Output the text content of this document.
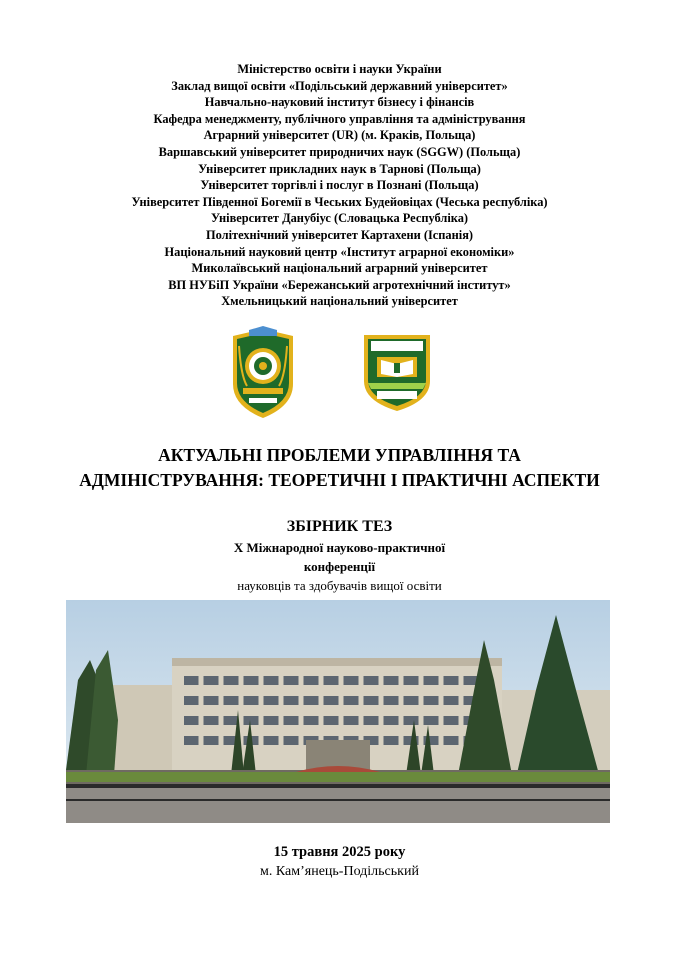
Міністерство освіти і науки України
Заклад вищої освіти «Подільський державний університет»
Навчально-науковий інститут бізнесу і фінансів
Кафедра менеджменту, публічного управління та адміністрування
Аграрний університет (UR) (м. Краків, Польща)
Варшавський університет природничих наук (SGGW) (Польща)
Університет прикладних наук в Тарнові (Польща)
Університет торгівлі і послуг в Познані (Польща)
Університет Південної Богемії в Чеських Будейовіцах (Чеська республіка)
Університет Данубіус (Словацька Республіка)
Політехнічний університет Картахени (Іспанія)
Національний науковий центр «Інститут аграрної економіки»
Миколаївський національний аграрний університет
ВП НУБіП України «Бережанський агротехнічний інститут»
Хмельницький національний університет
АКТУАЛЬНІ ПРОБЛЕМИ УПРАВЛІННЯ ТА
АДМІНІСТРУВАННЯ: ТЕОРЕТИЧНІ І ПРАКТИЧНІ АСПЕКТИ
ЗБІРНИК ТЕЗ
X Міжнародної науково-практичної
конференції
науковців та здобувачів вищої освіти
15 травня 2025 року
м. Кам’янець-Подільський
